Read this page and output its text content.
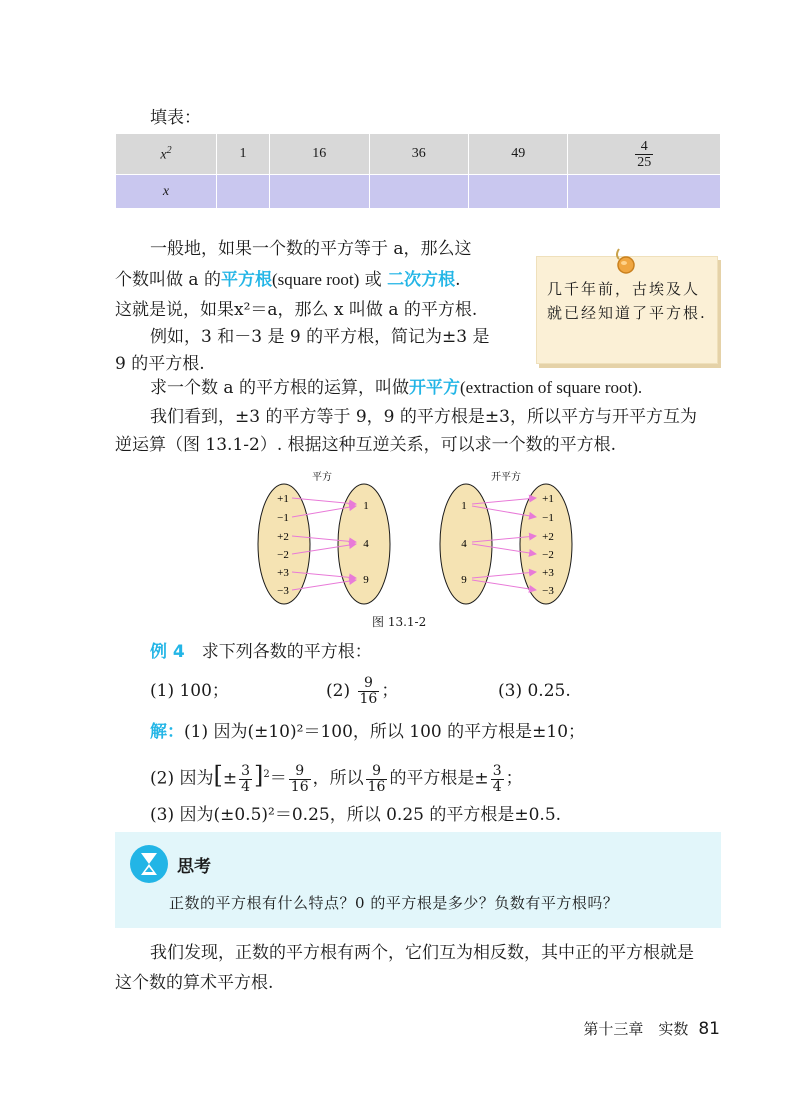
填表：
$x^2$	1	16	36	49	$\frac{4}{25}$

x					
一般地，如果一个数的平方等于 a，那么这
个数叫做 a 的平方根(square root) 或 二次方根.
这就是说，如果x²＝a，那么 x 叫做 a 的平方根.
例如，3 和－3 是 9 的平方根，简记为±3 是
9 的平方根.
几千年前，古埃及人就已经知道了平方根.
求一个数 a 的平方根的运算，叫做开平方(extraction of square root).
我们看到，±3 的平方等于 9，9 的平方根是±3，所以平方与开平方互为
逆运算（图 13.1-2）. 根据这种互逆关系，可以求一个数的平方根.
平方	开平方
+1
−1
+2
−2
+3
−3
1
4
9
1
4
9
+1
−1
+2
−2
+3
−3
图 13.1-2
例 4　 求下列各数的平方根：
(1) 100；	$(2) \frac{9}{16}$ ；	(3) 0.25.
解：(1) 因为(±10)²＝100，所以 100 的平方根是±10；
(2) 因为[± $\frac{3}{4} ]^2= \frac{9}{16}$ ，所以 $\frac{9}{16}$ 的平方根是± $\frac{3}{4}$ ；
(3) 因为(±0.5)²＝0.25，所以 0.25 的平方根是±0.5.
思考
正数的平方根有什么特点？0 的平方根是多少？负数有平方根吗？
我们发现，正数的平方根有两个，它们互为相反数，其中正的平方根就是
这个数的算术平方根.
第十三章　实数 81
